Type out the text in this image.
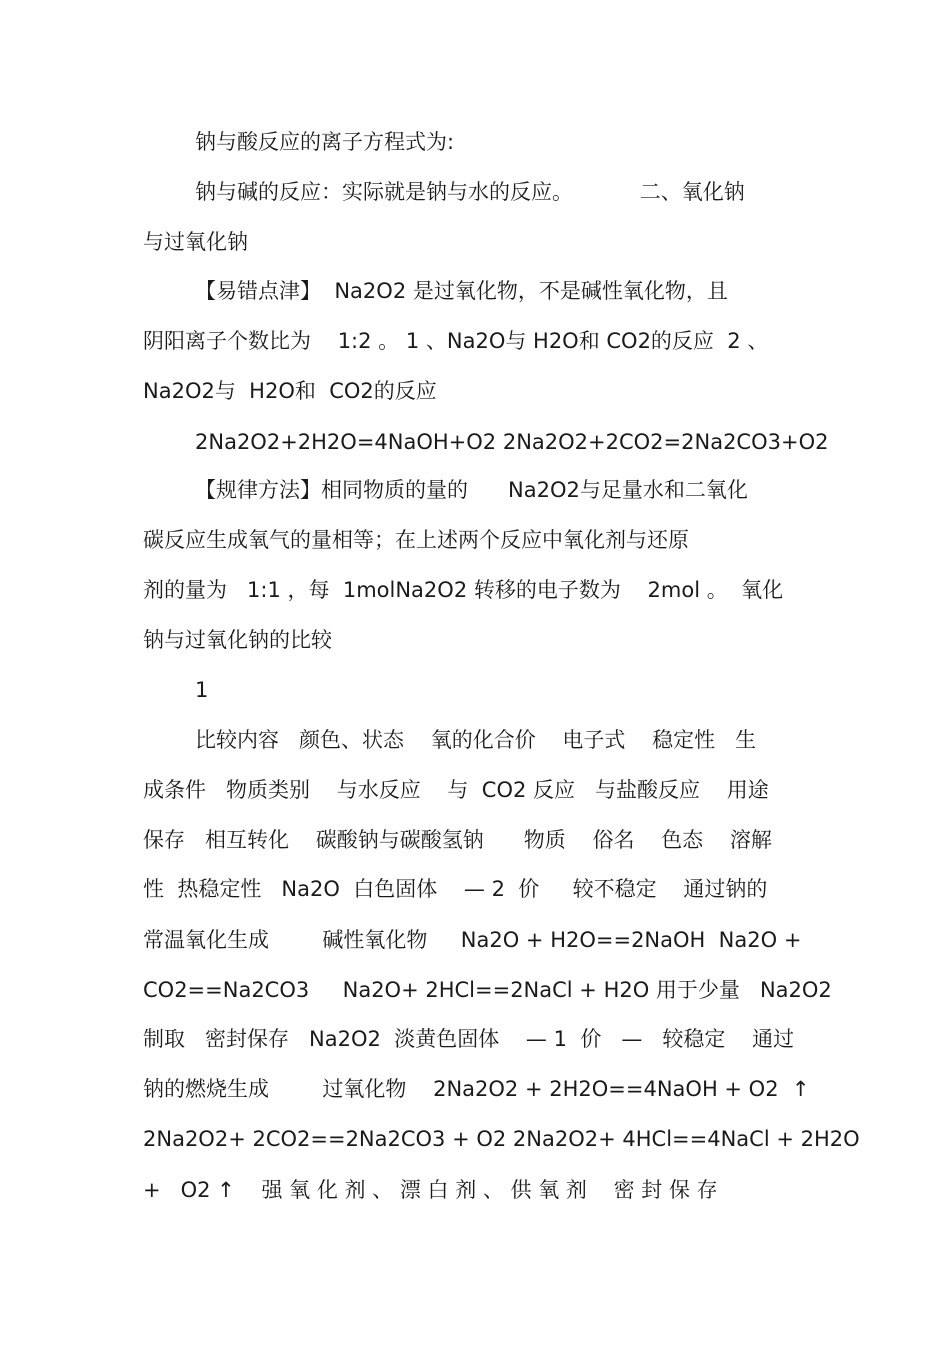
钠与酸反应的离子方程式为:
钠与碱的反应：实际就是钠与水的反应。          二、氧化钠
与过氧化钠
【易错点津】  Na2O2 是过氧化物，不是碱性氧化物，且
阴阳离子个数比为    1:2 。 1 、Na2O与 H2O和 CO2的反应  2 、
Na2O2与  H2O和  CO2的反应
2Na2O2+2H2O=4NaOH+O2 2Na2O2+2CO2=2Na2CO3+O2
【规律方法】相同物质的量的      Na2O2与足量水和二氧化
碳反应生成氧气的量相等；在上述两个反应中氧化剂与还原
剂的量为   1:1 ，每  1molNa2O2 转移的电子数为    2mol 。  氧化
钠与过氧化钠的比较
1
比较内容   颜色、状态    氧的化合价    电子式    稳定性   生
成条件   物质类别    与水反应    与  CO2 反应   与盐酸反应    用途
保存   相互转化    碳酸钠与碳酸氢钠      物质    俗名    色态    溶解
性  热稳定性   Na2O  白色固体    — 2  价     较不稳定    通过钠的
常温氧化生成        碱性氧化物     Na2O + H2O==2NaOH  Na2O +
CO2==Na2CO3     Na2O+ 2HCl==2NaCl + H2O 用于少量   Na2O2
制取   密封保存   Na2O2  淡黄色固体    — 1  价   —   较稳定    通过
钠的燃烧生成        过氧化物    2Na2O2 + 2H2O==4NaOH + O2  ↑
2Na2O2+ 2CO2==2Na2CO3 + O2 2Na2O2+ 4HCl==4NaCl + 2H2O
+   O2 ↑    强 氧 化 剂 、 漂 白 剂 、 供 氧 剂    密 封 保 存
